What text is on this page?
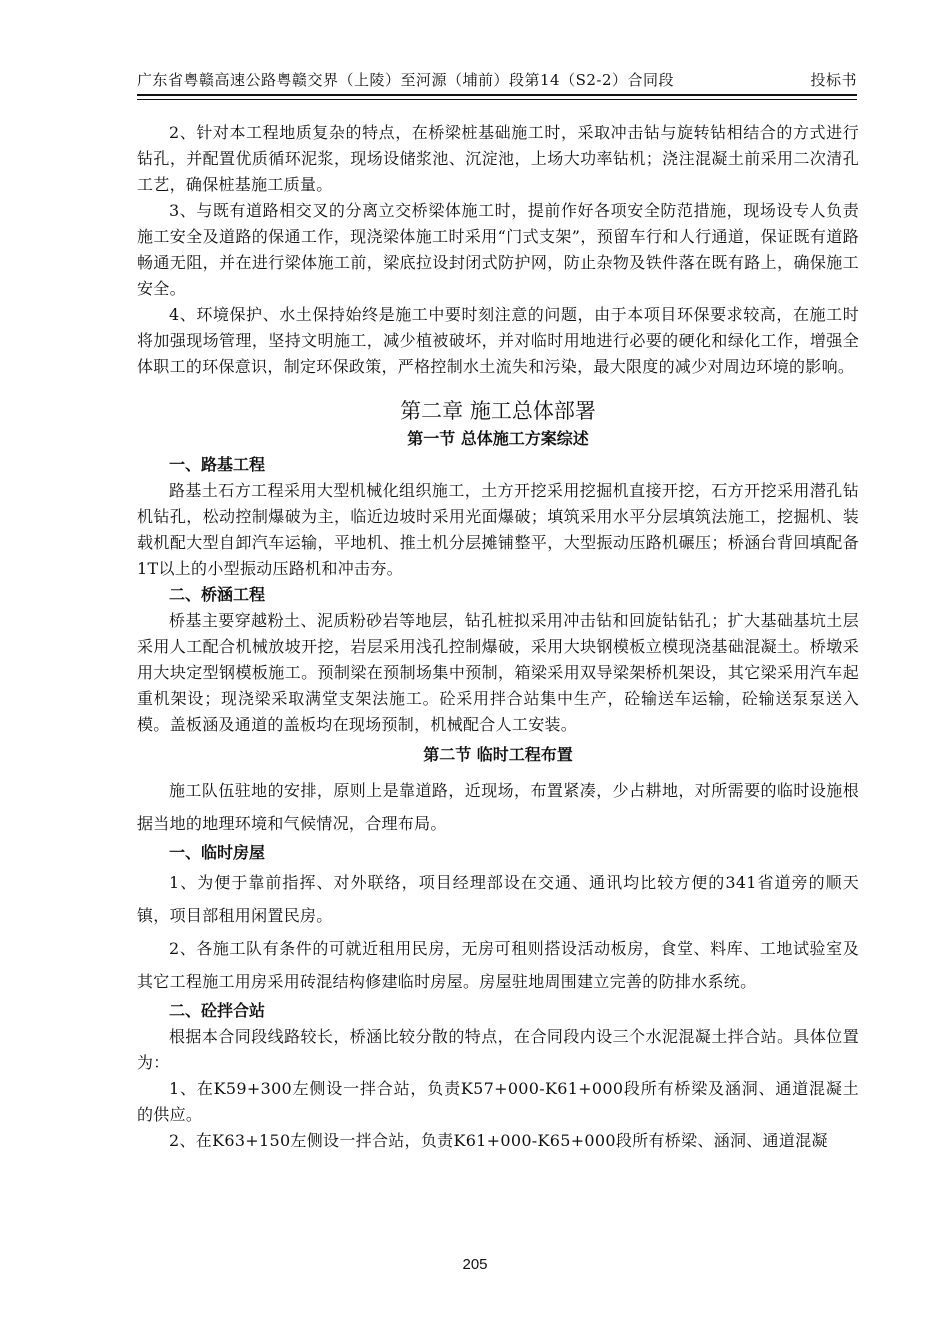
广东省粤赣高速公路粤赣交界（上陵）至河源（埔前）段第14（S2-2）合同段	投标书

2、针对本工程地质复杂的特点，在桥梁桩基础施工时，采取冲击钻与旋转钻相结合的方式进行钻孔，并配置优质循环泥浆，现场设储浆池、沉淀池，上场大功率钻机；浇注混凝土前采用二次清孔工艺，确保桩基施工质量。

3、与既有道路相交叉的分离立交桥梁体施工时，提前作好各项安全防范措施，现场设专人负责施工安全及道路的保通工作，现浇梁体施工时采用“门式支架”，预留车行和人行通道，保证既有道路畅通无阻，并在进行梁体施工前，梁底拉设封闭式防护网，防止杂物及铁件落在既有路上，确保施工安全。

4、环境保护、水土保持始终是施工中要时刻注意的问题，由于本项目环保要求较高，在施工时将加强现场管理，坚持文明施工，减少植被破坏，并对临时用地进行必要的硬化和绿化工作，增强全体职工的环保意识，制定环保政策，严格控制水土流失和污染，最大限度的减少对周边环境的影响。

第二章 施工总体部署
第一节 总体施工方案综述
一、路基工程

路基土石方工程采用大型机械化组织施工，土方开挖采用挖掘机直接开挖，石方开挖采用潜孔钻机钻孔，松动控制爆破为主，临近边坡时采用光面爆破；填筑采用水平分层填筑法施工，挖掘机、装载机配大型自卸汽车运输，平地机、推土机分层摊铺整平，大型振动压路机碾压；桥涵台背回填配备1T以上的小型振动压路机和冲击夯。

二、桥涵工程

桥基主要穿越粉土、泥质粉砂岩等地层，钻孔桩拟采用冲击钻和回旋钻钻孔；扩大基础基坑土层采用人工配合机械放坡开挖，岩层采用浅孔控制爆破，采用大块钢模板立模现浇基础混凝土。桥墩采用大块定型钢模板施工。预制梁在预制场集中预制，箱梁采用双导梁架桥机架设，其它梁采用汽车起重机架设；现浇梁采取满堂支架法施工。砼采用拌合站集中生产，砼输送车运输，砼输送泵泵送入模。盖板涵及通道的盖板均在现场预制，机械配合人工安装。

第二节 临时工程布置

施工队伍驻地的安排，原则上是靠道路，近现场，布置紧凑，少占耕地，对所需要的临时设施根据当地的地理环境和气候情况，合理布局。

一、临时房屋

1、为便于靠前指挥、对外联络，项目经理部设在交通、通讯均比较方便的341省道旁的顺天镇，项目部租用闲置民房。

2、各施工队有条件的可就近租用民房，无房可租则搭设活动板房，食堂、料库、工地试验室及其它工程施工用房采用砖混结构修建临时房屋。房屋驻地周围建立完善的防排水系统。

二、砼拌合站

根据本合同段线路较长，桥涵比较分散的特点，在合同段内设三个水泥混凝土拌合站。具体位置为：

1、在K59+300左侧设一拌合站，负责K57+000-K61+000段所有桥梁及涵洞、通道混凝土的供应。

2、在K63+150左侧设一拌合站，负责K61+000-K65+000段所有桥梁、涵洞、通道混凝

205
